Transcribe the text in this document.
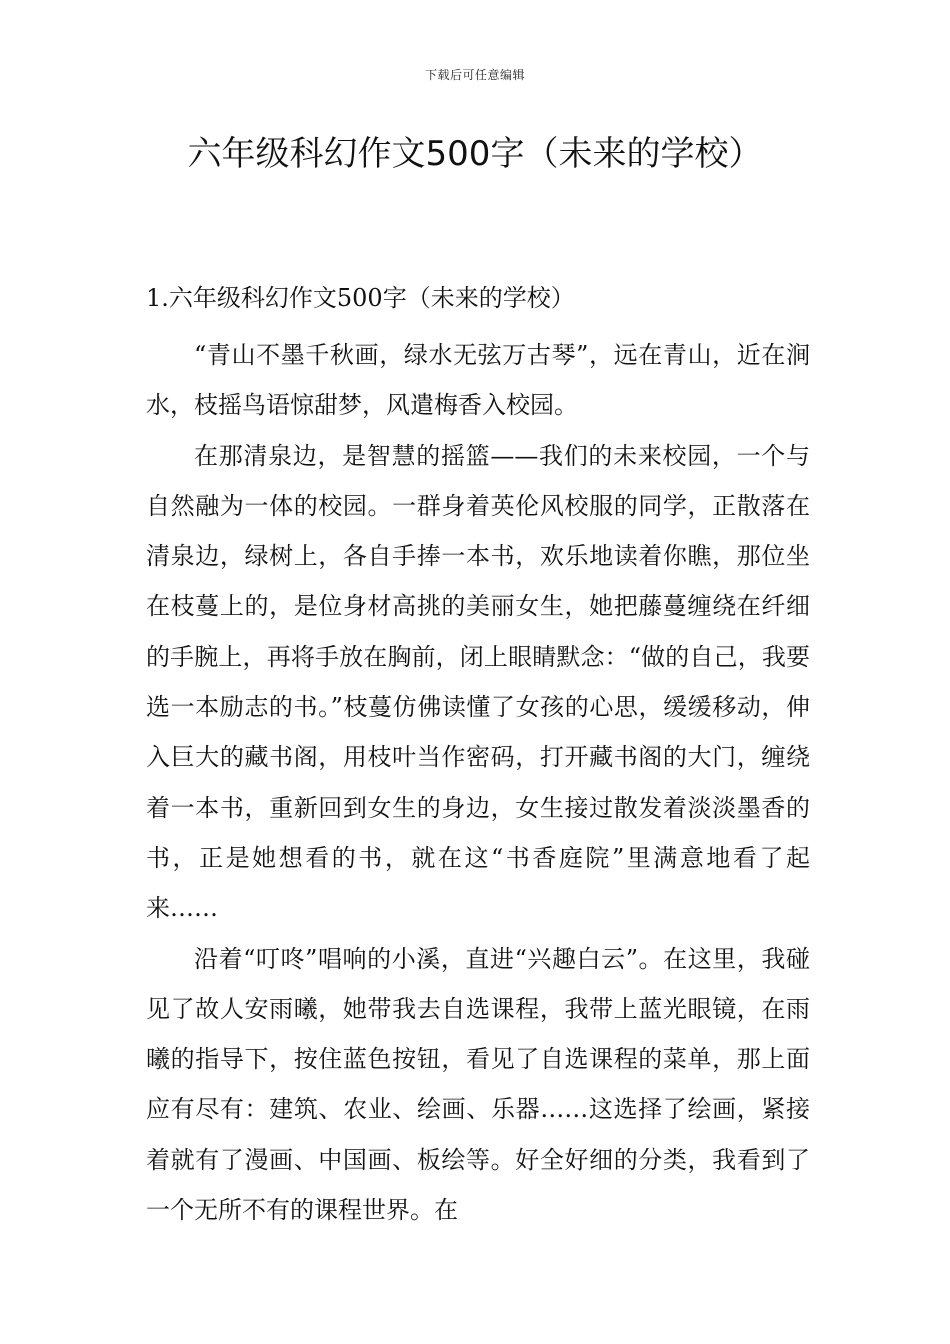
下载后可任意编辑
六年级科幻作文500字（未来的学校）
1.六年级科幻作文500字（未来的学校）

“青山不墨千秋画，绿水无弦万古琴”，远在青山，近在涧水，枝摇鸟语惊甜梦，风遣梅香入校园。

在那清泉边，是智慧的摇篮——我们的未来校园，一个与自然融为一体的校园。一群身着英伦风校服的同学，正散落在清泉边，绿树上，各自手捧一本书，欢乐地读着你瞧，那位坐在枝蔓上的，是位身材高挑的美丽女生，她把藤蔓缠绕在纤细的手腕上，再将手放在胸前，闭上眼睛默念：“做的自己，我要选一本励志的书。”枝蔓仿佛读懂了女孩的心思，缓缓移动，伸入巨大的藏书阁，用枝叶当作密码，打开藏书阁的大门，缠绕着一本书，重新回到女生的身边，女生接过散发着淡淡墨香的书，正是她想看的书，就在这“书香庭院”里满意地看了起来……

沿着“叮咚”唱响的小溪，直进“兴趣白云”。在这里，我碰见了故人安雨曦，她带我去自选课程，我带上蓝光眼镜，在雨曦的指导下，按住蓝色按钮，看见了自选课程的菜单，那上面应有尽有：建筑、农业、绘画、乐器……这选择了绘画，紧接着就有了漫画、中国画、板绘等。好全好细的分类，我看到了一个无所不有的课程世界。在
